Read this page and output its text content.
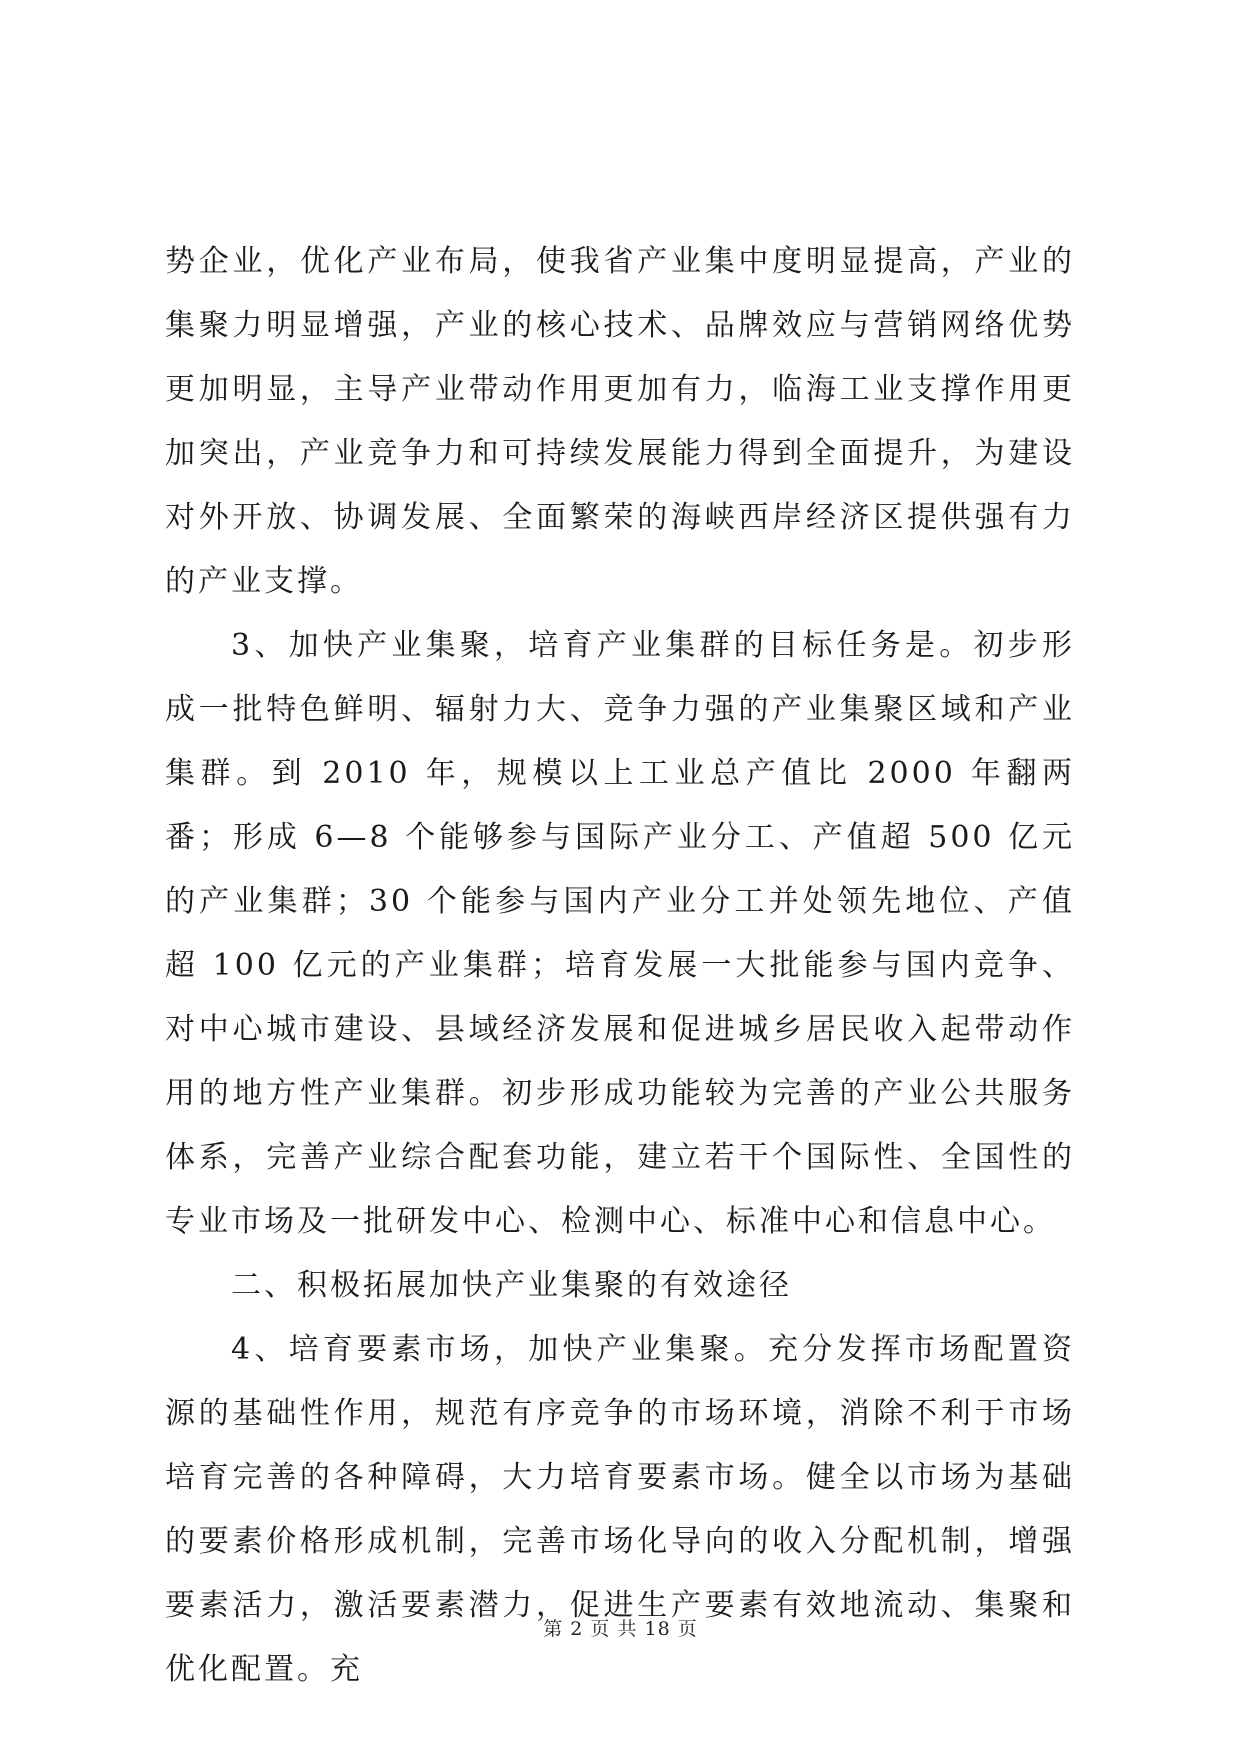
势企业，优化产业布局，使我省产业集中度明显提高，产业的集聚力明显增强，产业的核心技术、品牌效应与营销网络优势更加明显，主导产业带动作用更加有力，临海工业支撑作用更加突出，产业竞争力和可持续发展能力得到全面提升，为建设对外开放、协调发展、全面繁荣的海峡西岸经济区提供强有力的产业支撑。

3、加快产业集聚，培育产业集群的目标任务是。初步形成一批特色鲜明、辐射力大、竞争力强的产业集聚区域和产业集群。到 2010 年，规模以上工业总产值比 2000 年翻两番；形成 6—8 个能够参与国际产业分工、产值超 500 亿元的产业集群；30 个能参与国内产业分工并处领先地位、产值超 100 亿元的产业集群；培育发展一大批能参与国内竞争、对中心城市建设、县域经济发展和促进城乡居民收入起带动作用的地方性产业集群。初步形成功能较为完善的产业公共服务体系，完善产业综合配套功能，建立若干个国际性、全国性的专业市场及一批研发中心、检测中心、标准中心和信息中心。

二、积极拓展加快产业集聚的有效途径

4、培育要素市场，加快产业集聚。充分发挥市场配置资源的基础性作用，规范有序竞争的市场环境，消除不利于市场培育完善的各种障碍，大力培育要素市场。健全以市场为基础的要素价格形成机制，完善市场化导向的收入分配机制，增强要素活力，激活要素潜力，促进生产要素有效地流动、集聚和优化配置。充

第 2 页 共 18 页
